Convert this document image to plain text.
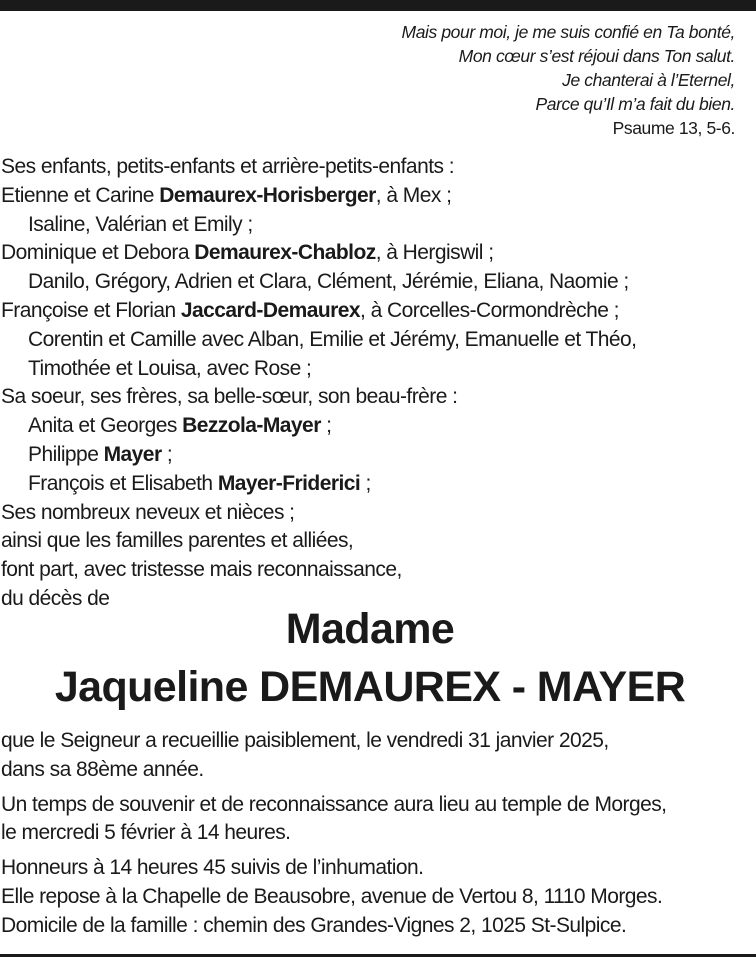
Mais pour moi, je me suis confié en Ta bonté,
Mon cœur s’est réjoui dans Ton salut.
Je chanterai à l’Eternel,
Parce qu’Il m’a fait du bien.
Psaume 13, 5-6.
Ses enfants, petits-enfants et arrière-petits-enfants :
Etienne et Carine Demaurex-Horisberger, à Mex ;
Isaline, Valérian et Emily ;
Dominique et Debora Demaurex-Chabloz, à Hergiswil ;
Danilo, Grégory, Adrien et Clara, Clément, Jérémie, Eliana, Naomie ;
Françoise et Florian Jaccard-Demaurex, à Corcelles-Cormondrèche ;
Corentin et Camille avec Alban, Emilie et Jérémy, Emanuelle et Théo,
Timothée et Louisa, avec Rose ;
Sa soeur, ses frères, sa belle-sœur, son beau-frère :
Anita et Georges Bezzola-Mayer ;
Philippe Mayer ;
François et Elisabeth Mayer-Friderici ;
Ses nombreux neveux et nièces ;
ainsi que les familles parentes et alliées,
font part, avec tristesse mais reconnaissance,
du décès de
Madame
Jaqueline DEMAUREX - MAYER
que le Seigneur a recueillie paisiblement, le vendredi 31 janvier 2025,
dans sa 88ème année.
Un temps de souvenir et de reconnaissance aura lieu au temple de Morges,
le mercredi 5 février à 14 heures.
Honneurs à 14 heures 45 suivis de l’inhumation.
Elle repose à la Chapelle de Beausobre, avenue de Vertou 8, 1110 Morges.
Domicile de la famille : chemin des Grandes-Vignes 2, 1025 St-Sulpice.
